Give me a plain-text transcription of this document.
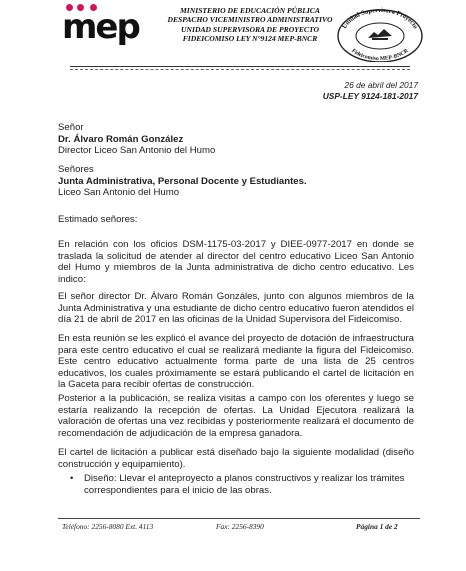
mep	MINISTERIO DE EDUCACIÓN PÚBLICA
DESPACHO VICEMINISTRO ADMINISTRATIVO
UNIDAD SUPERVISORA DE PROYECTO
FIDEICOMISO LEY N°9124 MEP-BNCR
Unidad Supervisora Proyecto
Fideicomiso MEP-BNCR
26 de abril del 2017
USP-LEY 9124-181-2017

Señor

Dr. Álvaro Román González

Director Liceo San Antonio del Humo

Señores

Junta Administrativa, Personal Docente y Estudiantes.

Liceo San Antonio del Humo

Estimado señores:
En relación con los oficios DSM-1175-03-2017 y DIEE-0977-2017 en donde se traslada la solicitud de atender al director del centro educativo Liceo San Antonio del Humo y miembros de la Junta administrativa de dicho centro educativo. Les indico:
El señor director Dr. Álvaro Román Gonzáles, junto con algunos miembros de la Junta Administrativa y una estudiante de dicho centro educativo fueron atendidos el día 21 de abril de 2017 en las oficinas de la Unidad Supervisora del Fideicomiso.
En esta reunión se les explicó el avance del proyecto de dotación de infraestructura para este centro educativo el cual se realizará mediante la figura del Fideicomiso. Este centro educativo actualmente forma parte de una lista de 25 centros educativos, los cuales próximamente se estará publicando el cartel de licitación en la Gaceta para recibir ofertas de construcción.
Posterior a la publicación, se realiza visitas a campo con los oferentes y luego se estaría realizando la recepción de ofertas. La Unidad Ejecutora realizará la valoración de ofertas una vez recibidas y posteriormente realizará el documento de recomendación de adjudicación de la empresa ganadora.
El cartel de licitación a publicar está diseñado bajo la siguiente modalidad (diseño construcción y equipamiento).
•	Diseño: Llevar el anteproyecto a planos constructivos y realizar los trámites correspondientes para el inicio de las obras.
Teléfono: 2256-8080 Ext. 4113	Fax: 2256-8390	Página 1 de 2
